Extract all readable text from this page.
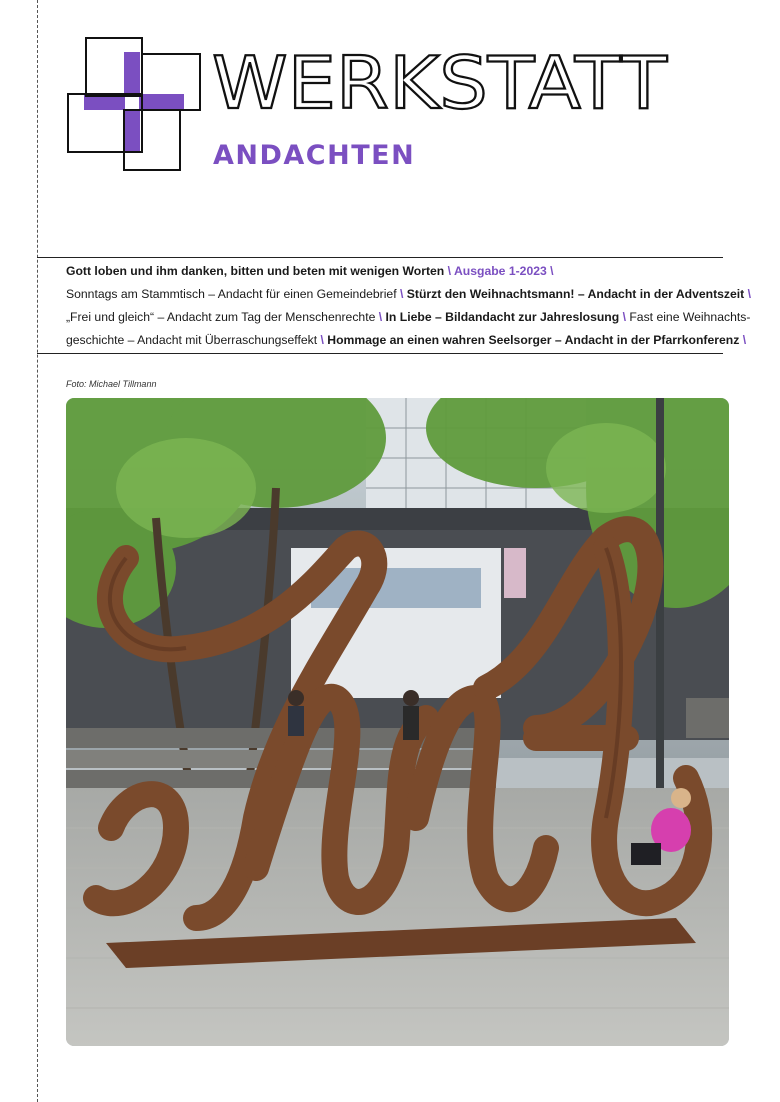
WERKSTATT
ANDACHTEN
Gott loben und ihm danken, bitten und beten mit wenigen Worten \ Ausgabe 1-2023 \
Sonntags am Stammtisch – Andacht für einen Gemeindebrief \ Stürzt den Weihnachtsmann! – Andacht in der Adventszeit \
„Frei und gleich“ – Andacht zum Tag der Menschenrechte \ In Liebe – Bildandacht zur Jahreslosung \ Fast eine Weihnachts-
geschichte – Andacht mit Überraschungseffekt \ Hommage an einen wahren Seelsorger – Andacht in der Pfarrkonferenz \
Foto: Michael Tillmann
